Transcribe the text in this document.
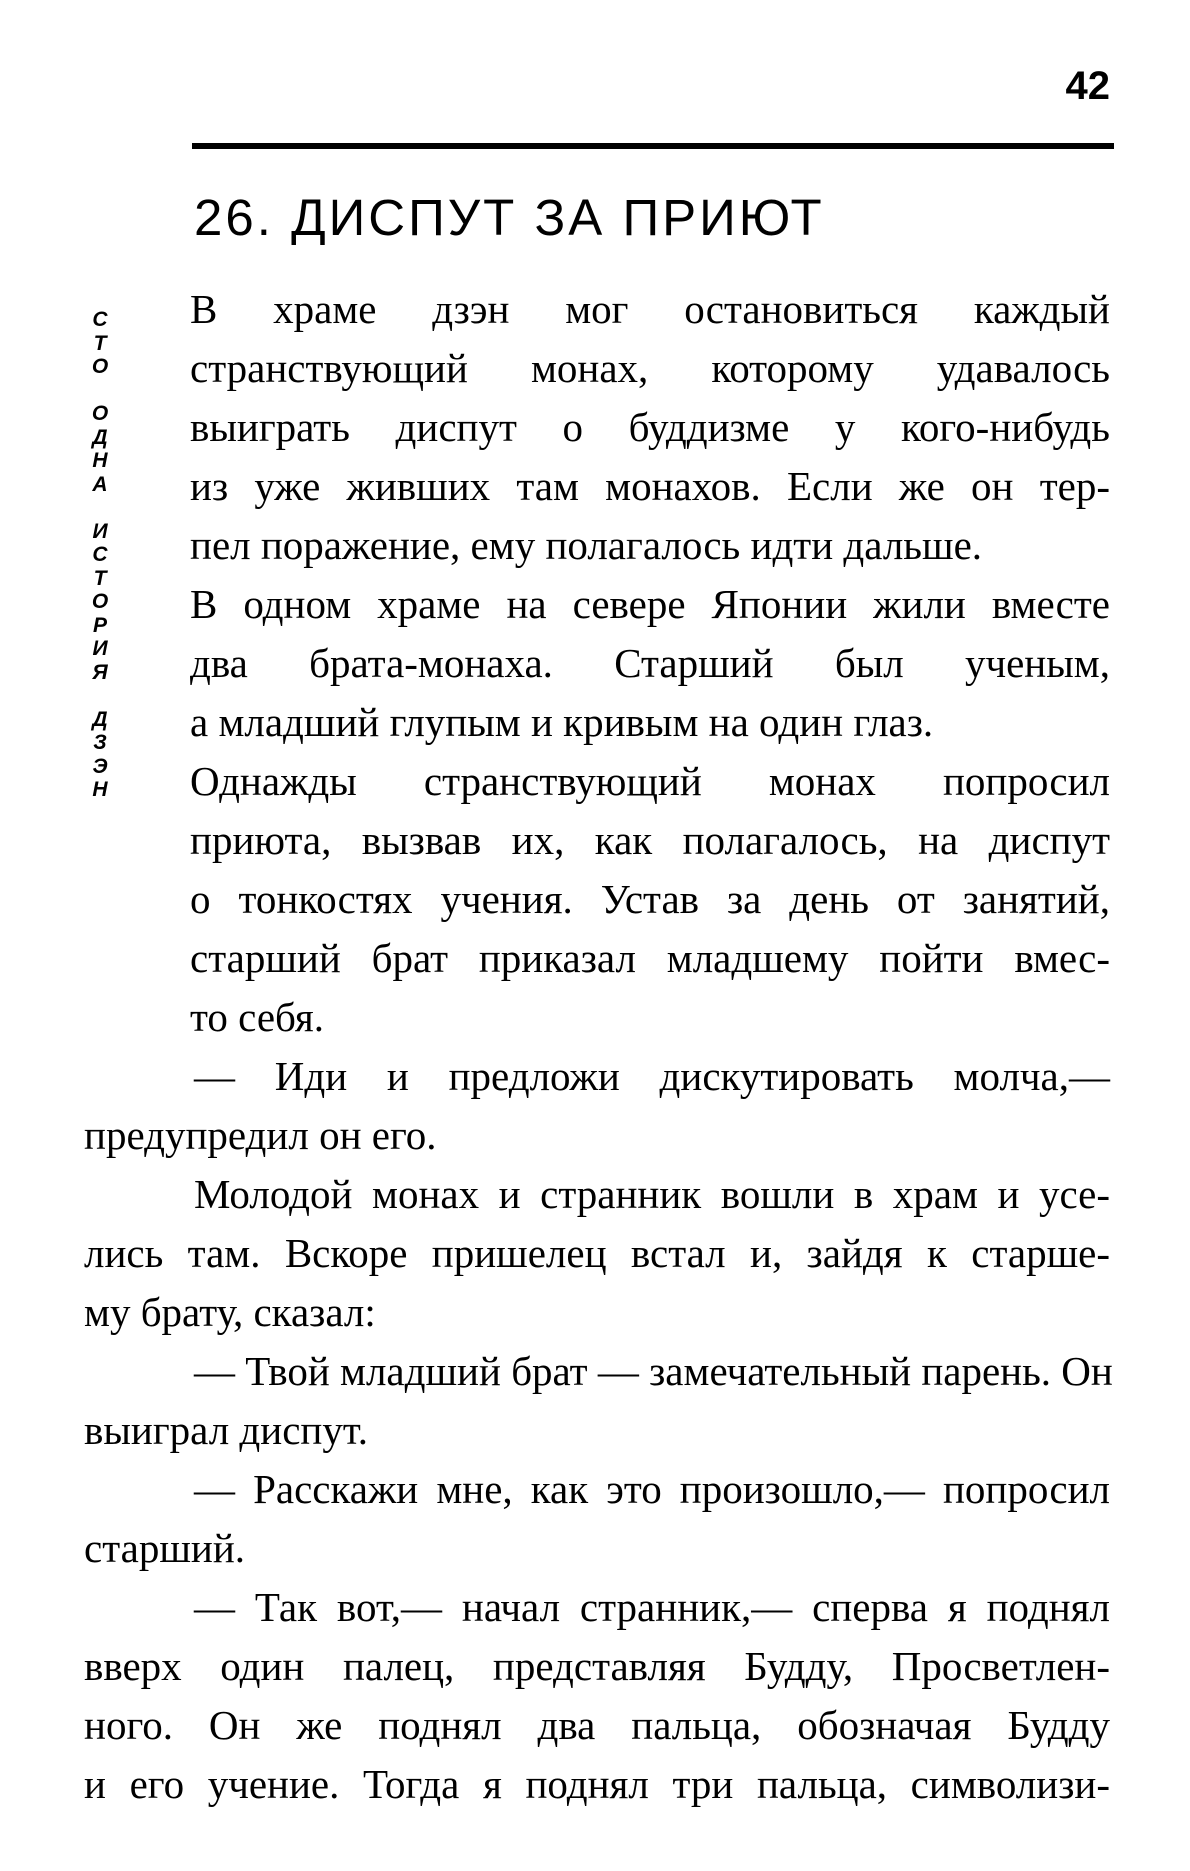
42
26. ДИСПУТ ЗА ПРИЮТ
С
Т
О

О
Д
Н
А

И
С
Т
О
Р
И
Я

Д
З
Э
Н
В храме дзэн мог остановиться каждый
странствующий монах, которому удавалось
выиграть диспут о буддизме у кого-нибудь
из уже живших там монахов. Если же он тер-
пел поражение, ему полагалось идти дальше.
В одном храме на севере Японии жили вместе
два брата-монаха. Старший был ученым,
а младший глупым и кривым на один глаз.
Однажды странствующий монах попросил
приюта, вызвав их, как полагалось, на диспут
о тонкостях учения. Устав за день от занятий,
старший брат приказал младшему пойти вмес-
то себя.
— Иди и предложи дискутировать молча,—
предупредил он его.
Молодой монах и странник вошли в храм и усе-
лись там. Вскоре пришелец встал и, зайдя к старше-
му брату, сказал:
— Твой младший брат — замечательный парень. Он
выиграл диспут.
— Расскажи мне, как это произошло,— попросил
старший.
— Так вот,— начал странник,— сперва я поднял
вверх один палец, представляя Будду, Просветлен-
ного. Он же поднял два пальца, обозначая Будду
и его учение. Тогда я поднял три пальца, символизи-
